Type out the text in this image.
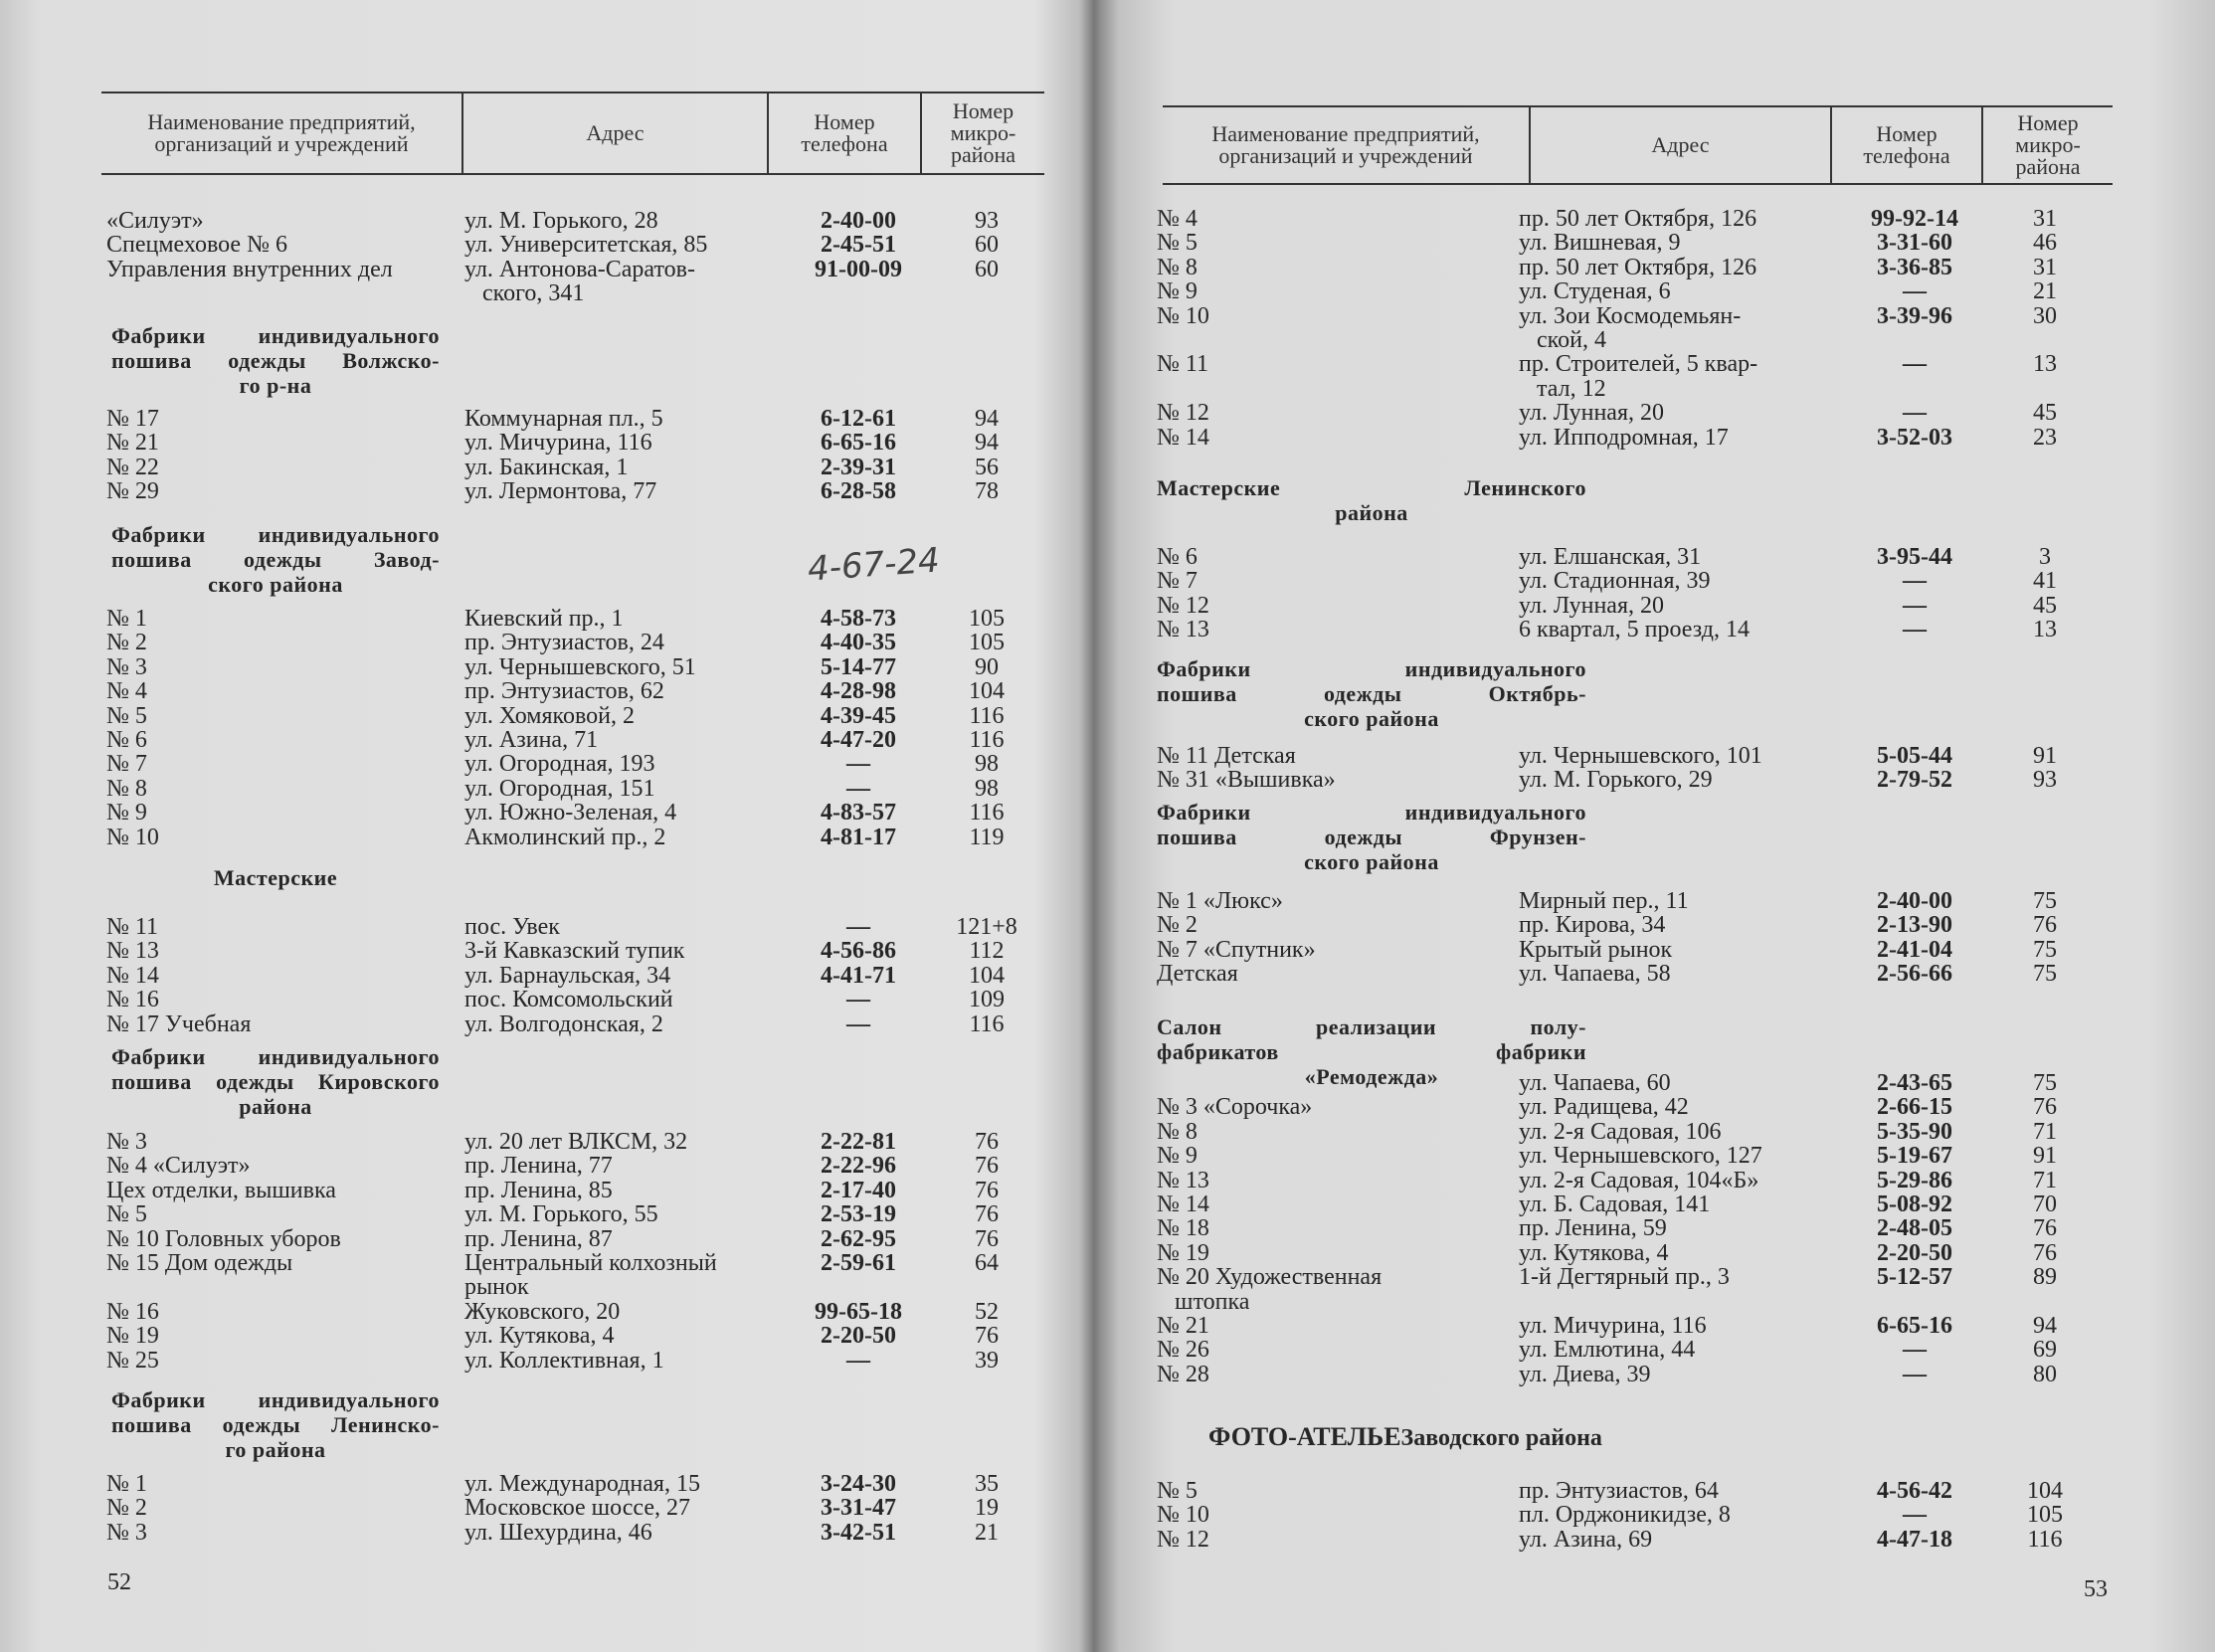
Наименование предприятий,
организаций и учреждений	Адрес	Номер
телефона
Номер
микро-
района
«Силуэт»	ул. М. Горького, 28	2-40-00	93
Спецмеховое № 6	ул. Университетская, 85	2-45-51	60
Управления внутренних дел	ул. Антонова-Саратов-	91-00-09	60
ского, 341
Фабрики индивидуального
пошива одежды Волжско-
го р-на
№ 17	Коммунарная пл., 5	6-12-61	94
№ 21	ул. Мичурина, 116	6-65-16	94
№ 22	ул. Бакинская, 1	2-39-31	56
№ 29	ул. Лермонтова, 77	6-28-58	78
Фабрики индивидуального
пошива одежды Завод-
ского района
№ 1	Киевский пр., 1	4-58-73	105
№ 2	пр. Энтузиастов, 24	4-40-35	105
№ 3	ул. Чернышевского, 51	5-14-77	90
№ 4	пр. Энтузиастов, 62	4-28-98	104
№ 5	ул. Хомяковой, 2	4-39-45	116
№ 6	ул. Азина, 71	4-47-20	116
№ 7	ул. Огородная, 193	—	98
№ 8	ул. Огородная, 151	—	98
№ 9	ул. Южно-Зеленая, 4	4-83-57	116
№ 10	Акмолинский пр., 2	4-81-17	119
Мастерские
№ 11	пос. Увек	—	121+8
№ 13	3-й Кавказский тупик	4-56-86	112
№ 14	ул. Барнаульская, 34	4-41-71	104
№ 16	пос. Комсомольский	—	109
№ 17 Учебная	ул. Волгодонская, 2	—	116
Фабрики индивидуального
пошива одежды Кировского
района
№ 3	ул. 20 лет ВЛКСМ, 32	2-22-81	76
№ 4 «Силуэт»	пр. Ленина, 77	2-22-96	76
Цех отделки, вышивка	пр. Ленина, 85	2-17-40	76
№ 5	ул. М. Горького, 55	2-53-19	76
№ 10 Головных уборов	пр. Ленина, 87	2-62-95	76
№ 15 Дом одежды	Центральный колхозный	2-59-61	64
рынок
№ 16	Жуковского, 20	99-65-18	52
№ 19	ул. Кутякова, 4	2-20-50	76
№ 25	ул. Коллективная, 1	—	39
Фабрики индивидуального
пошива одежды Ленинско-
го района
№ 1	ул. Международная, 15	3-24-30	35
№ 2	Московское шоссе, 27	3-31-47	19
№ 3	ул. Шехурдина, 46	3-42-51	21
4-67-24
52
Наименование предприятий,
организаций и учреждений	Адрес	Номер
телефона
Номер
микро-
района
№ 4	пр. 50 лет Октября, 126	99-92-14	31
№ 5	ул. Вишневая, 9	3-31-60	46
№ 8	пр. 50 лет Октября, 126	3-36-85	31
№ 9	ул. Студеная, 6	—	21
№ 10	ул. Зои Космодемьян-	3-39-96	30
ской, 4
№ 11	пр. Строителей, 5 квар-	—	13
тал, 12
№ 12	ул. Лунная, 20	—	45
№ 14	ул. Ипподромная, 17	3-52-03	23
Мастерские Ленинского
района
№ 6	ул. Елшанская, 31	3-95-44	3
№ 7	ул. Стадионная, 39	—	41
№ 12	ул. Лунная, 20	—	45
№ 13	6 квартал, 5 проезд, 14	—	13
Фабрики индивидуального
пошива одежды Октябрь-
ского района
№ 11 Детская	ул. Чернышевского, 101	5-05-44	91
№ 31 «Вышивка»	ул. М. Горького, 29	2-79-52	93
Фабрики индивидуального
пошива одежды Фрунзен-
ского района
№ 1 «Люкс»	Мирный пер., 11	2-40-00	75
№ 2	пр. Кирова, 34	2-13-90	76
№ 7 «Спутник»	Крытый рынок	2-41-04	75
Детская	ул. Чапаева, 58	2-56-66	75
Салон реализации полу-
фабрикатов фабрики
«Ремодежда»	ул. Чапаева, 60	2-43-65	75
№ 3 «Сорочка»	ул. Радищева, 42	2-66-15	76
№ 8	ул. 2-я Садовая, 106	5-35-90	71
№ 9	ул. Чернышевского, 127	5-19-67	91
№ 13	ул. 2-я Садовая, 104«Б»	5-29-86	71
№ 14	ул. Б. Садовая, 141	5-08-92	70
№ 18	пр. Ленина, 59	2-48-05	76
№ 19	ул. Кутякова, 4	2-20-50	76
№ 20 Художественная	1-й Дегтярный пр., 3	5-12-57	89
штопка
№ 21	ул. Мичурина, 116	6-65-16	94
№ 26	ул. Емлютина, 44	—	69
№ 28	ул. Диева, 39	—	80
ФОТО-АТЕЛЬЕЗаводского района
№ 5	пр. Энтузиастов, 64	4-56-42	104
№ 10	пл. Орджоникидзе, 8	—	105
№ 12	ул. Азина, 69	4-47-18	116
53
